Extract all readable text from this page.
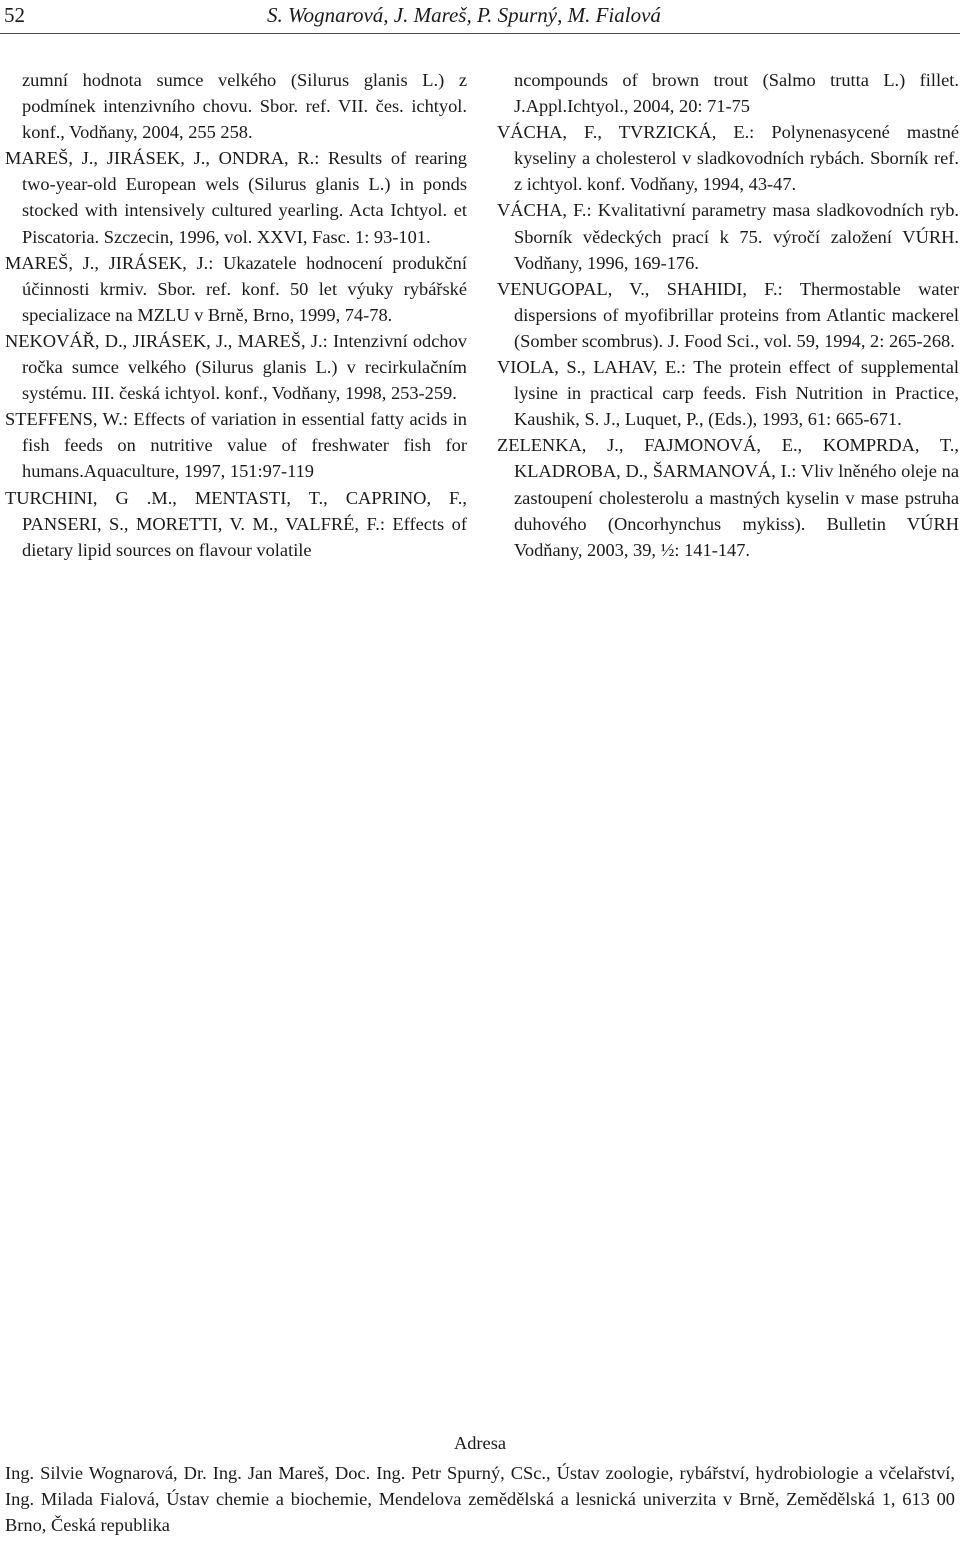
52	S. Wognarová, J. Mareš, P. Spurný, M. Fialová

zumní hodnota sumce velkého (Silurus glanis L.) z podmínek intenzivního chovu. Sbor. ref. VII. čes. ichtyol. konf., Vodňany, 2004, 255 258.

MAREŠ, J., JIRÁSEK, J., ONDRA, R.: Results of rearing two-year-old European wels (Silurus glanis L.) in ponds stocked with intensively cultured yearling. Acta Ichtyol. et Piscatoria. Szczecin, 1996, vol. XXVI, Fasc. 1: 93-101.

MAREŠ, J., JIRÁSEK, J.: Ukazatele hodnocení produkční účinnosti krmiv. Sbor. ref. konf. 50 let výuky rybářské specializace na MZLU v Brně, Brno, 1999, 74-78.

NEKOVÁŘ, D., JIRÁSEK, J., MAREŠ, J.: Intenzivní odchov ročka sumce velkého (Silurus glanis L.) v recirkulačním systému. III. česká ichtyol. konf., Vodňany, 1998, 253-259.

STEFFENS, W.: Effects of variation in essential fatty acids in fish feeds on nutritive value of freshwater fish for humans.Aquaculture, 1997, 151:97-119

TURCHINI, G .M., MENTASTI, T., CAPRINO, F., PANSERI, S., MORETTI, V. M., VALFRÉ, F.: Effects of dietary lipid sources on flavour volatile

ncompounds of brown trout (Salmo trutta L.) fillet. J.Appl.Ichtyol., 2004, 20: 71-75

VÁCHA, F., TVRZICKÁ, E.: Polynenasycené mastné kyseliny a cholesterol v sladkovodních rybách. Sborník ref. z ichtyol. konf. Vodňany, 1994, 43-47.

VÁCHA, F.: Kvalitativní parametry masa sladkovodních ryb. Sborník vědeckých prací k 75. výročí založení VÚRH. Vodňany, 1996, 169-176.

VENUGOPAL, V., SHAHIDI, F.: Thermostable water dispersions of myofibrillar proteins from Atlantic mackerel (Somber scombrus). J. Food Sci., vol. 59, 1994, 2: 265-268.

VIOLA, S., LAHAV, E.: The protein effect of supplemental lysine in practical carp feeds. Fish Nutrition in Practice, Kaushik, S. J., Luquet, P., (Eds.), 1993, 61: 665-671.

ZELENKA, J., FAJMONOVÁ, E., KOMPRDA, T., KLADROBA, D., ŠARMANOVÁ, I.: Vliv lněného oleje na zastoupení cholesterolu a mastných kyselin v mase pstruha duhového (Oncorhynchus mykiss). Bulletin VÚRH Vodňany, 2003, 39, ½: 141-147.

Adresa

Ing. Silvie Wognarová, Dr. Ing. Jan Mareš, Doc. Ing. Petr Spurný, CSc., Ústav zoologie, rybářství, hydrobiologie a včelařství, Ing. Milada Fialová, Ústav chemie a biochemie, Mendelova zemědělská a lesnická univerzita v Brně, Zemědělská 1, 613 00 Brno, Česká republika
